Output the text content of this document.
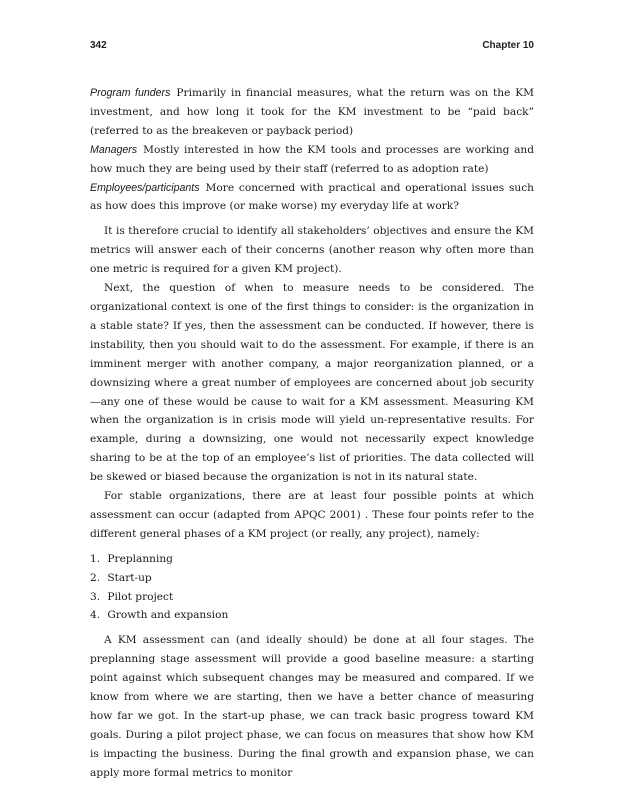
342	Chapter 10

Program funders Primarily in financial measures, what the return was on the KM investment, and how long it took for the KM investment to be “paid back” (referred to as the breakeven or payback period)

Managers Mostly interested in how the KM tools and processes are working and how much they are being used by their staff (referred to as adoption rate)

Employees/participants More concerned with practical and operational issues such as how does this improve (or make worse) my everyday life at work?

It is therefore crucial to identify all stakeholders’ objectives and ensure the KM metrics will answer each of their concerns (another reason why often more than one metric is required for a given KM project).

Next, the question of when to measure needs to be considered. The organizational context is one of the first things to consider: is the organization in a stable state? If yes, then the assessment can be conducted. If however, there is instability, then you should wait to do the assessment. For example, if there is an imminent merger with another company, a major reorganization planned, or a downsizing where a great number of employees are concerned about job security—any one of these would be cause to wait for a KM assessment. Measuring KM when the organization is in crisis mode will yield un-representative results. For example, during a downsizing, one would not necessarily expect knowledge sharing to be at the top of an employee’s list of priorities. The data collected will be skewed or biased because the organization is not in its natural state.

For stable organizations, there are at least four possible points at which assessment can occur (adapted from APQC 2001) . These four points refer to the different general phases of a KM project (or really, any project), namely:

1. Preplanning
2. Start-up
3. Pilot project
4. Growth and expansion

A KM assessment can (and ideally should) be done at all four stages. The preplanning stage assessment will provide a good baseline measure: a starting point against which subsequent changes may be measured and compared. If we know from where we are starting, then we have a better chance of measuring how far we got. In the start-up phase, we can track basic progress toward KM goals. During a pilot project phase, we can focus on measures that show how KM is impacting the business. During the final growth and expansion phase, we can apply more formal metrics to monitor
